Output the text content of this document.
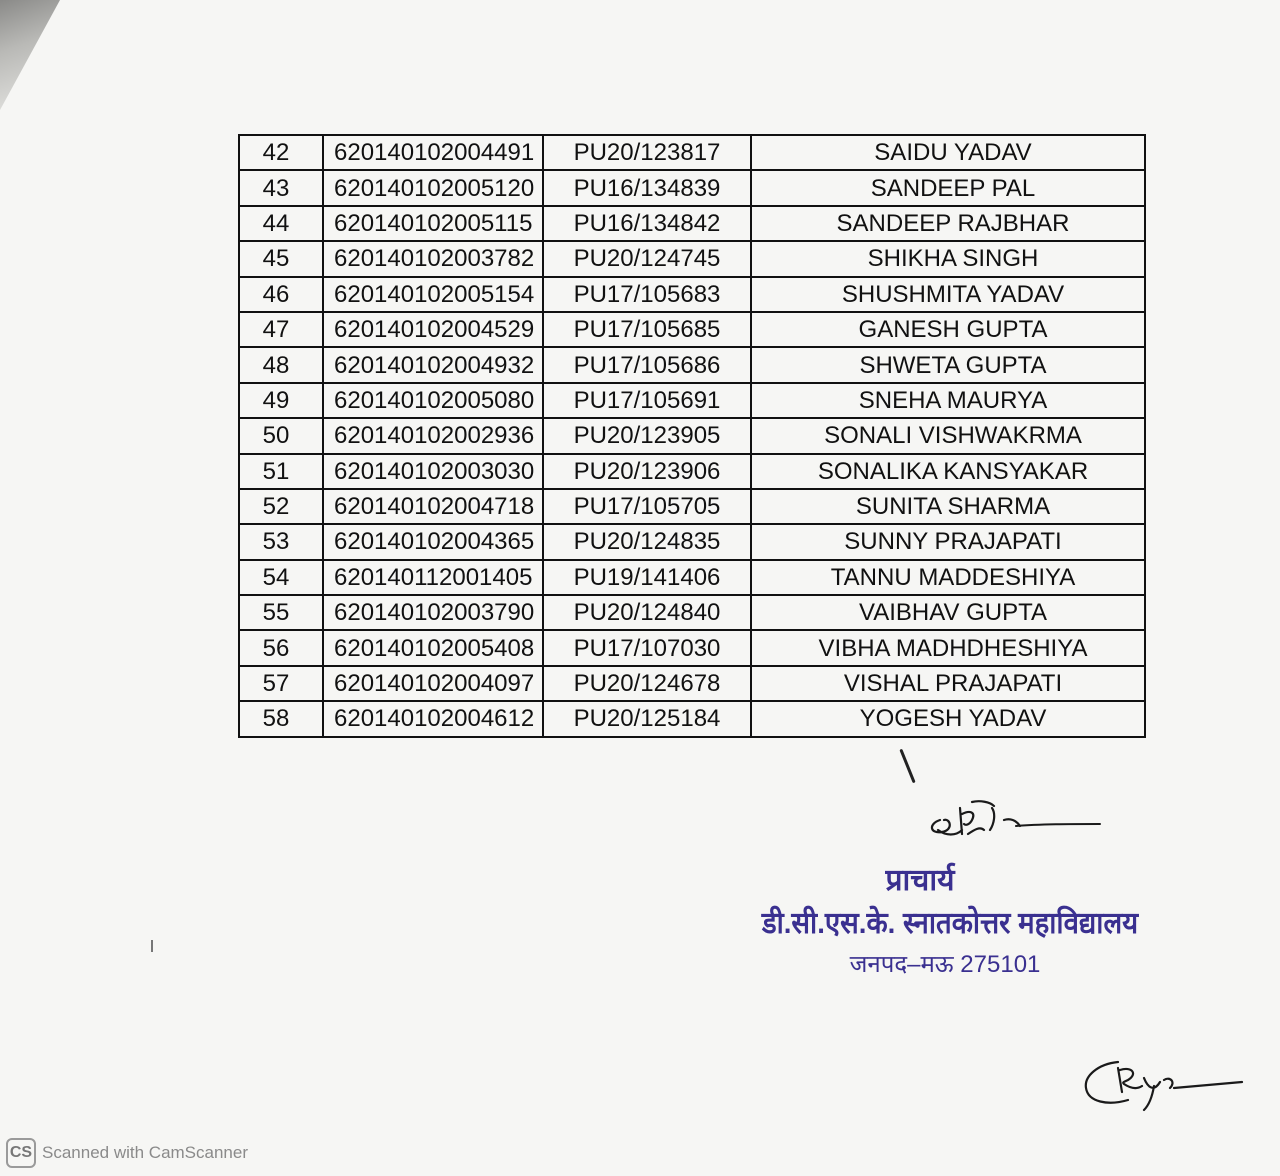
42	620140102004491	PU20/123817	SAIDU YADAV
43	620140102005120	PU16/134839	SANDEEP PAL
44	620140102005115	PU16/134842	SANDEEP RAJBHAR
45	620140102003782	PU20/124745	SHIKHA SINGH
46	620140102005154	PU17/105683	SHUSHMITA YADAV
47	620140102004529	PU17/105685	GANESH GUPTA
48	620140102004932	PU17/105686	SHWETA GUPTA
49	620140102005080	PU17/105691	SNEHA MAURYA
50	620140102002936	PU20/123905	SONALI VISHWAKRMA
51	620140102003030	PU20/123906	SONALIKA KANSYAKAR
52	620140102004718	PU17/105705	SUNITA SHARMA
53	620140102004365	PU20/124835	SUNNY PRAJAPATI
54	620140112001405	PU19/141406	TANNU MADDESHIYA
55	620140102003790	PU20/124840	VAIBHAV GUPTA
56	620140102005408	PU17/107030	VIBHA MADHDHESHIYA
57	620140102004097	PU20/124678	VISHAL PRAJAPATI
58	620140102004612	PU20/125184	YOGESH YADAV
प्राचार्य
डी.सी.एस.के. स्नातकोत्तर महाविद्यालय
जनपद–मऊ 275101
CS Scanned with CamScanner
